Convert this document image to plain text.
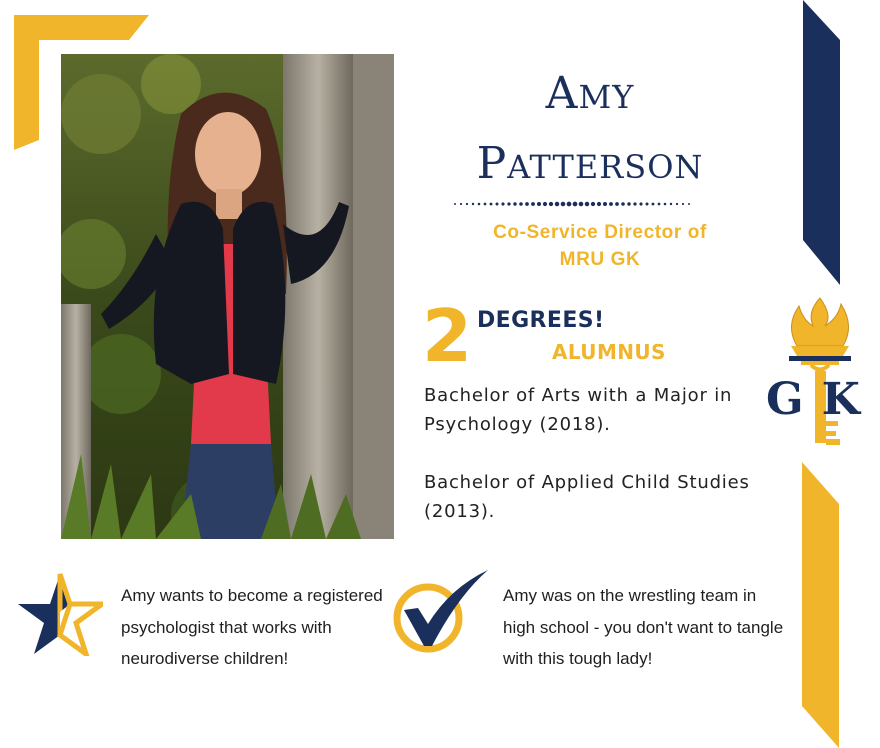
AMY
PATTERSON
Co-Service Director of
MRU GK
2 DEGREES!
ALUMNUS
Bachelor of Arts with a Major in Psychology (2018).
Bachelor of Applied Child Studies (2013).
GK
Amy wants to become a registered psychologist that works with neurodiverse children!
Amy was on the wrestling team in high school - you don't want to tangle with this tough lady!
